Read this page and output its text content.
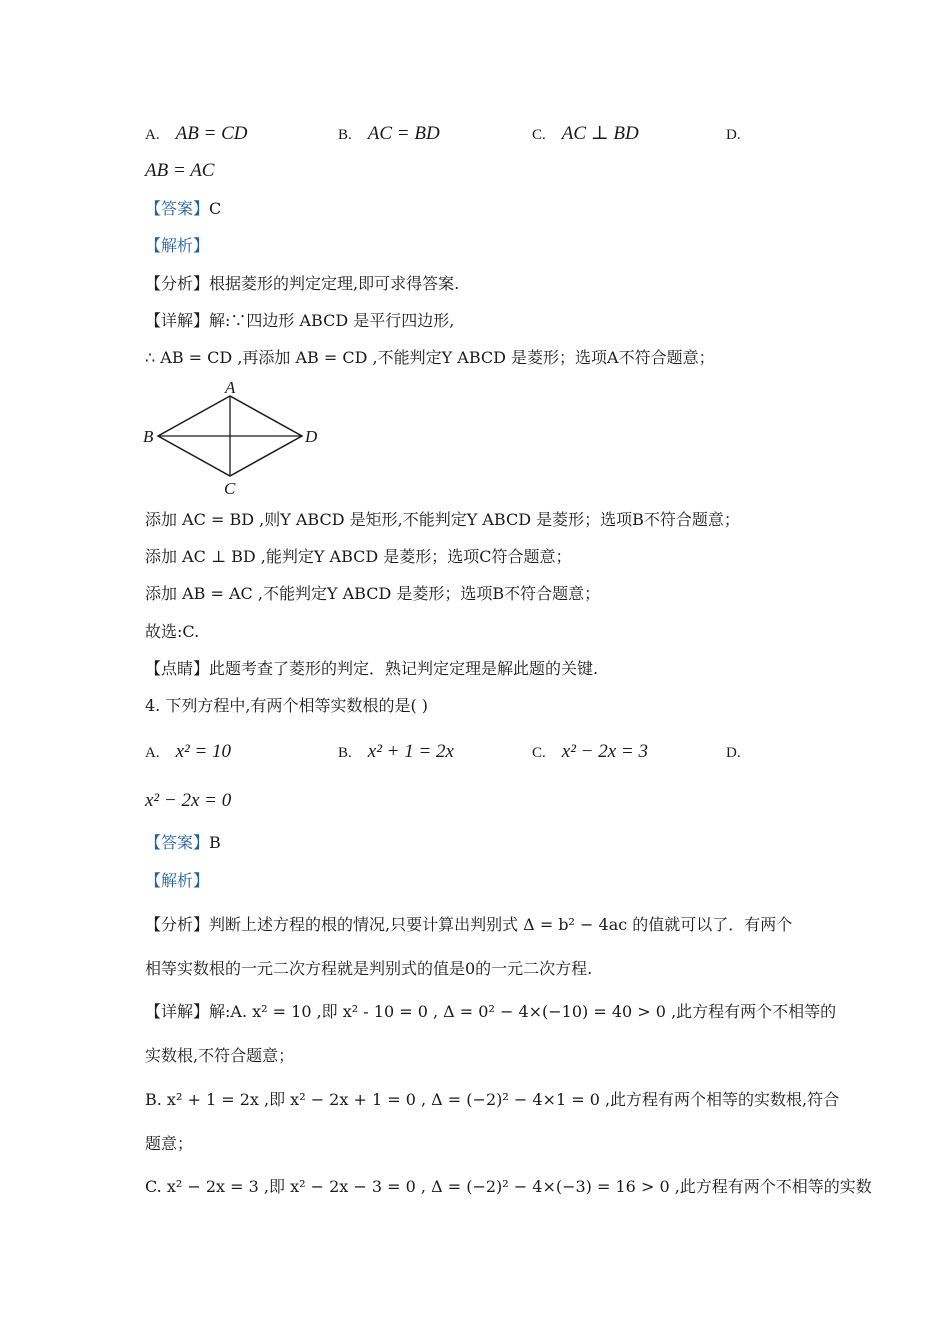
A. AB = CD	B. AC = BD	C. AC ⊥ BD	D.
AB = AC
【答案】C
【解析】
【分析】根据菱形的判定定理,即可求得答案.
【详解】解:∵四边形 ABCD 是平行四边形,
∴ AB = CD ,再添加 AB = CD ,不能判定Y ABCD 是菱形；选项A不符合题意；
A
B
C
D
添加 AC = BD ,则Y ABCD 是矩形,不能判定Y ABCD 是菱形；选项B不符合题意；
添加 AC ⊥ BD ,能判定Y ABCD 是菱形；选项C符合题意；
添加 AB = AC ,不能判定Y ABCD 是菱形；选项B不符合题意；
故选:C.
【点睛】此题考查了菱形的判定．熟记判定定理是解此题的关键.
4. 下列方程中,有两个相等实数根的是( )
A. x² = 10	B. x² + 1 = 2x	C. x² − 2x = 3	D.
x² − 2x = 0
【答案】B
【解析】
【分析】判断上述方程的根的情况,只要计算出判别式 Δ = b² − 4ac 的值就可以了．有两个
相等实数根的一元二次方程就是判别式的值是0的一元二次方程.
【详解】解:A. x² = 10 ,即 x² - 10 = 0 , Δ = 0² − 4×(−10) = 40 > 0 ,此方程有两个不相等的
实数根,不符合题意；
B. x² + 1 = 2x ,即 x² − 2x + 1 = 0 , Δ = (−2)² − 4×1 = 0 ,此方程有两个相等的实数根,符合
题意；
C. x² − 2x = 3 ,即 x² − 2x − 3 = 0 , Δ = (−2)² − 4×(−3) = 16 > 0 ,此方程有两个不相等的实数
